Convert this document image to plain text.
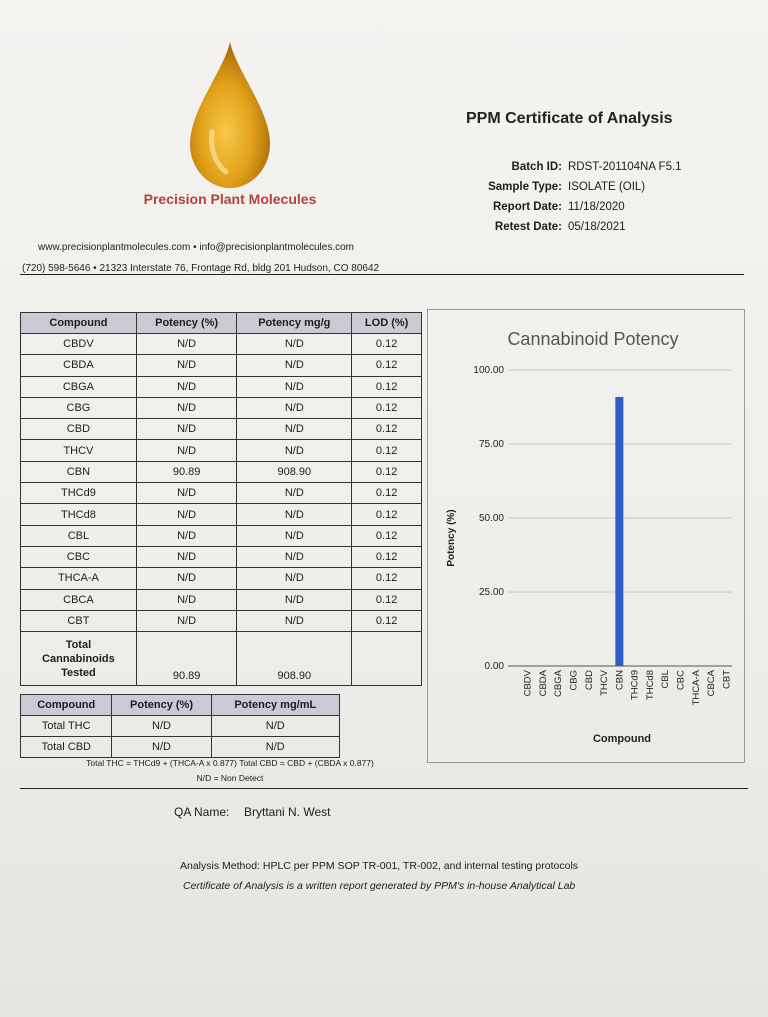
Precision Plant Molecules
PPM Certificate of Analysis
Batch ID: RDST-201104NA F5.1
Sample Type: ISOLATE (OIL)
Report Date: 11/18/2020
Retest Date: 05/18/2021
www.precisionplantmolecules.com • info@precisionplantmolecules.com
(720) 598-5646 • 21323 Interstate 76, Frontage Rd, bldg 201 Hudson, CO 80642
Compound	Potency (%)	Potency mg/g	LOD (%)
CBDV	N/D	N/D	0.12
CBDA	N/D	N/D	0.12
CBGA	N/D	N/D	0.12
CBG	N/D	N/D	0.12
CBD	N/D	N/D	0.12
THCV	N/D	N/D	0.12
CBN	90.89	908.90	0.12
THCd9	N/D	N/D	0.12
THCd8	N/D	N/D	0.12
CBL	N/D	N/D	0.12
CBC	N/D	N/D	0.12
THCA-A	N/D	N/D	0.12
CBCA	N/D	N/D	0.12
CBT	N/D	N/D	0.12

Total
Cannabinoids
Tested	90.89	908.90	
Compound	Potency (%)	Potency mg/mL
Total THC	N/D	N/D
Total CBD	N/D	N/D
Total THC = THCd9 + (THCA-A x 0.877) Total CBD = CBD + (CBDA x 0.877)
N/D = Non Detect
Cannabinoid Potency
Potency (%)
Compound
0.00
25.00
50.00
75.00
100.00
CBDV CBDA CBGA CBG CBD THCV CBN THCd9 THCd8 CBL CBC THCA-A CBCA CBT
QA Name: Bryttani N. West
Analysis Method: HPLC per PPM SOP TR-001, TR-002, and internal testing protocols
Certificate of Analysis is a written report generated by PPM's in-house Analytical Lab
